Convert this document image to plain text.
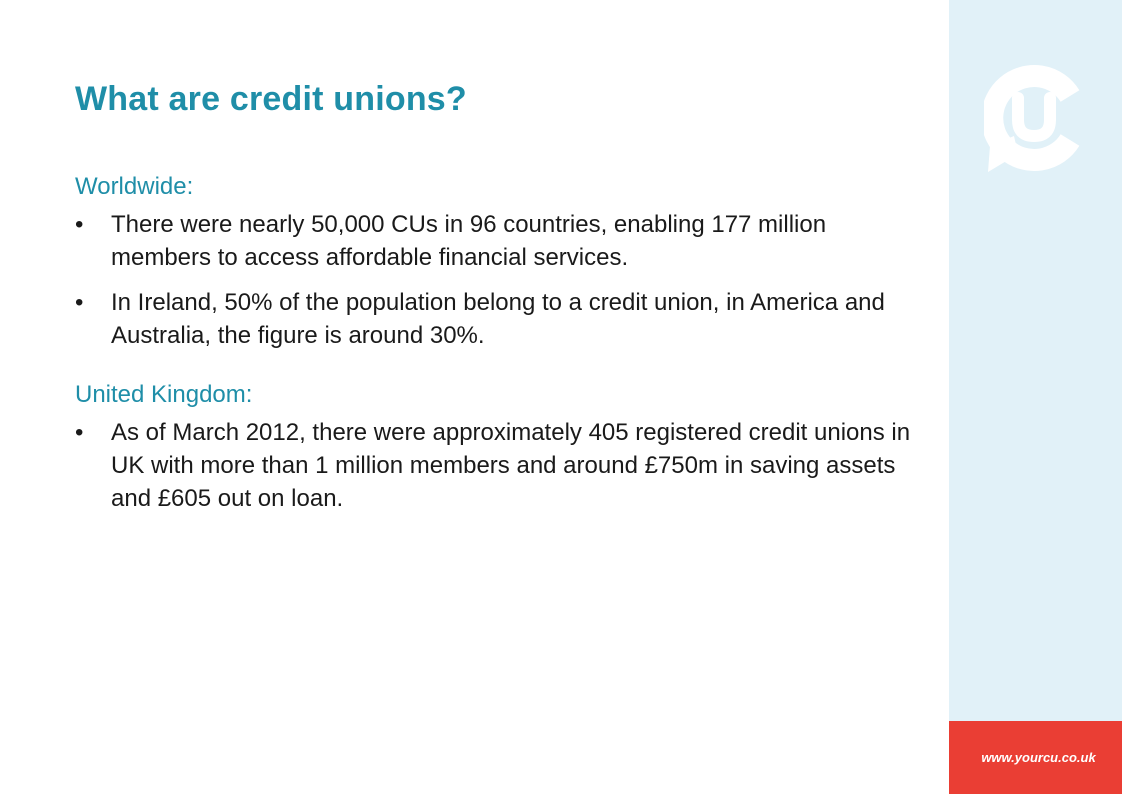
What are credit unions?
Worldwide:
•	There were nearly 50,000 CUs in 96 countries, enabling 177 million members to access affordable financial services.
•	In Ireland, 50% of the population belong to a credit union, in America and Australia, the figure is around 30%.
United Kingdom:
•	As of March 2012, there were approximately 405 registered credit unions in UK with more than 1 million members and around £750m in saving assets and £605 out on loan.
www.yourcu.co.uk
